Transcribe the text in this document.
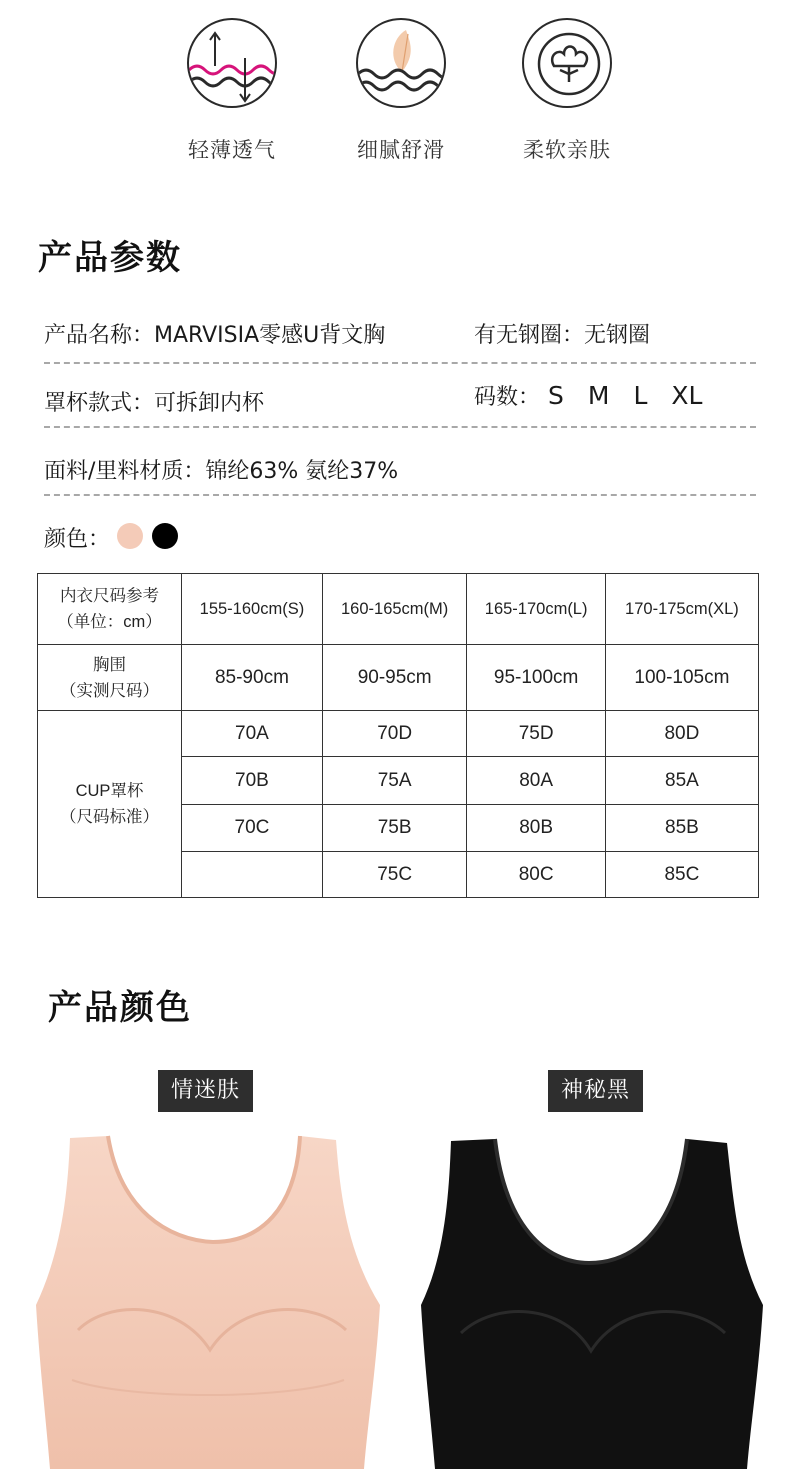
轻薄透气	细腻舒滑	柔软亲肤
产品参数
产品名称：MARVISIA零感U背文胸	有无钢圈：无钢圈
罩杯款式：可拆卸内杯	码数： S M L XL
面料/里料材质：锦纶63% 氨纶37%
颜色：
内衣尺码参考
（单位：cm）	155-160cm(S)	160-165cm(M)	165-170cm(L)	170-175cm(XL)

胸围
（实测尺码）	85-90cm	90-95cm	95-100cm	100-105cm

CUP罩杯
（尺码标准）	70A	70D	75D	80D
	70B	75A	80A	85A
	70C	75B	80B	85B
		75C	80C	85C
产品颜色
情迷肤	神秘黑
